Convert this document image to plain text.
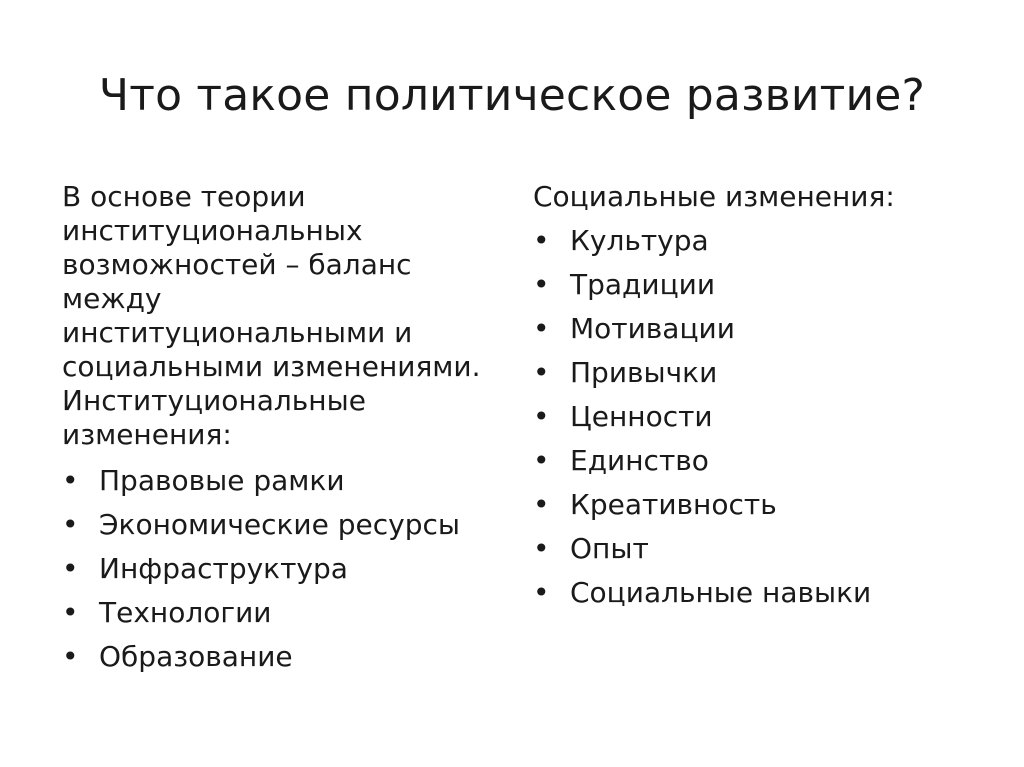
Что такое политическое развитие?
В основе теории институциональных возможностей – баланс между институциональными и социальными изменениями. Институциональные изменения:
• Правовые рамки
• Экономические ресурсы
• Инфраструктура
• Технологии
• Образование
Социальные изменения:
• Культура
• Традиции
• Мотивации
• Привычки
• Ценности
• Единство
• Креативность
• Опыт
• Социальные навыки
